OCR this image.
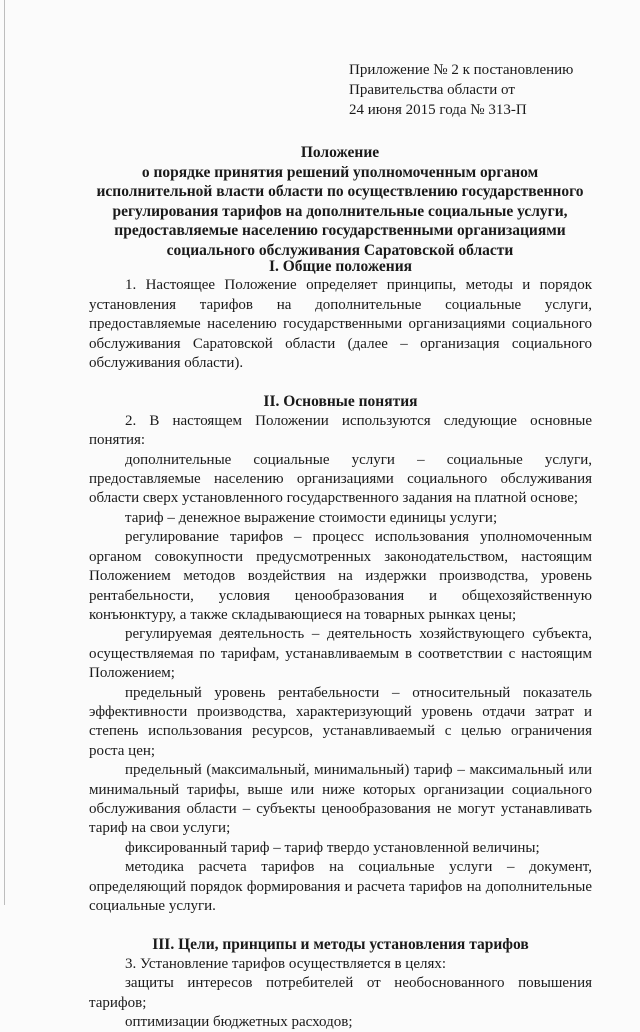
Приложение № 2 к постановлению
Правительства области от
24 июня 2015 года № 313-П
Положение
о порядке принятия решений уполномоченным органом
исполнительной власти области по осуществлению государственного
регулирования тарифов на дополнительные социальные услуги,
предоставляемые населению государственными организациями
социального обслуживания Саратовской области
I. Общие положения

1. Настоящее Положение определяет принципы, методы и порядок установления тарифов на дополнительные социальные услуги, предоставляемые населению государственными организациями социального обслуживания Саратовской области (далее – организация социального обслуживания области).

II. Основные понятия

2. В настоящем Положении используются следующие основные понятия:

дополнительные социальные услуги – социальные услуги, предоставляемые населению организациями социального обслуживания области сверх установленного государственного задания на платной основе;

тариф – денежное выражение стоимости единицы услуги;

регулирование тарифов – процесс использования уполномоченным органом совокупности предусмотренных законодательством, настоящим Положением методов воздействия на издержки производства, уровень рентабельности, условия ценообразования и общехозяйственную конъюнктуру, а также складывающиеся на товарных рынках цены;

регулируемая деятельность – деятельность хозяйствующего субъекта, осуществляемая по тарифам, устанавливаемым в соответствии с настоящим Положением;

предельный уровень рентабельности – относительный показатель эффективности производства, характеризующий уровень отдачи затрат и степень использования ресурсов, устанавливаемый с целью ограничения роста цен;

предельный (максимальный, минимальный) тариф – максимальный или минимальный тарифы, выше или ниже которых организации социального обслуживания области – субъекты ценообразования не могут устанавливать тариф на свои услуги;

фиксированный тариф – тариф твердо установленной величины;

методика расчета тарифов на социальные услуги – документ, определяющий порядок формирования и расчета тарифов на дополнительные социальные услуги.

III. Цели, принципы и методы установления тарифов

3. Установление тарифов осуществляется в целях:

защиты интересов потребителей от необоснованного повышения тарифов;

оптимизации бюджетных расходов;
